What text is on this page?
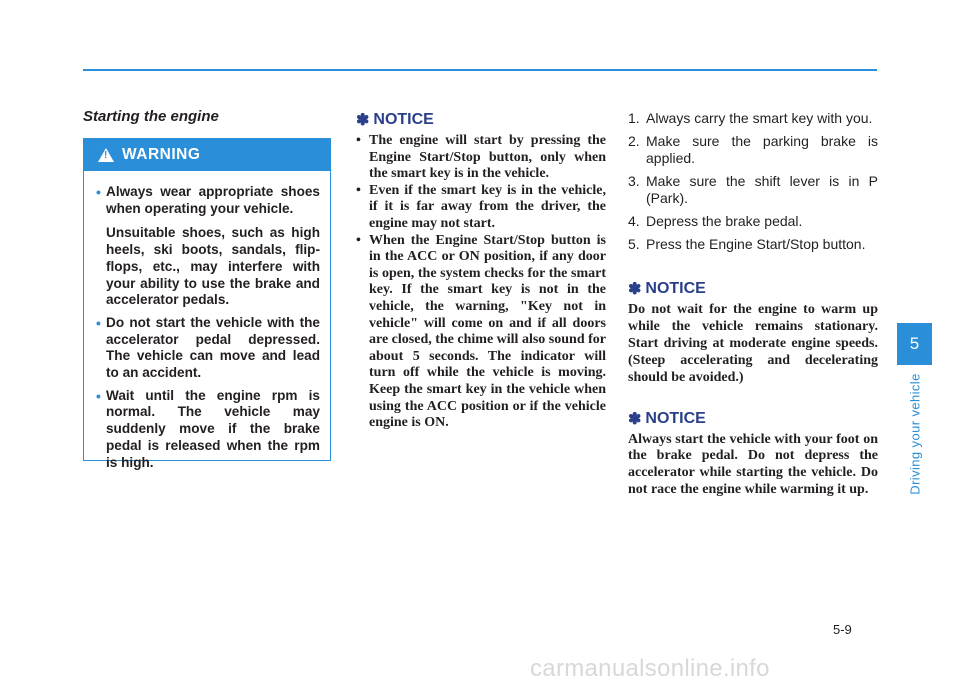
Starting the engine
!
WARNING
• Always wear appropriate shoes when operating your vehicle.

Unsuitable shoes, such as high heels, ski boots, sandals, flip-flops, etc., may interfere with your ability to use the brake and accelerator pedals.

• Do not start the vehicle with the accelerator pedal depressed. The vehicle can move and lead to an accident.
• Wait until the engine rpm is normal. The vehicle may suddenly move if the brake pedal is released when the rpm is high.
✽ NOTICE
• The engine will start by pressing the Engine Start/Stop button, only when the smart key is in the vehicle.
• Even if the smart key is in the vehicle, if it is far away from the driver, the engine may not start.
• When the Engine Start/Stop button is in the ACC or ON position, if any door is open, the system checks for the smart key. If the smart key is not in the vehicle, the warning, "Key not in vehicle" will come on and if all doors are closed, the chime will also sound for about 5 seconds. The indicator will turn off while the vehicle is moving. Keep the smart key in the vehicle when using the ACC position or if the vehicle engine is ON.
1. Always carry the smart key with you.
2. Make sure the parking brake is applied.
3. Make sure the shift lever is in P (Park).
4. Depress the brake pedal.
5. Press the Engine Start/Stop button.
✽ NOTICE

Do not wait for the engine to warm up while the vehicle remains stationary. Start driving at moderate engine speeds. (Steep accelerating and decelerating should be avoided.)

✽ NOTICE

Always start the vehicle with your foot on the brake pedal. Do not depress the accelerator while starting the vehicle. Do not race the engine while warming it up.

5
Driving your vehicle
5-9
carmanualsonline.info
